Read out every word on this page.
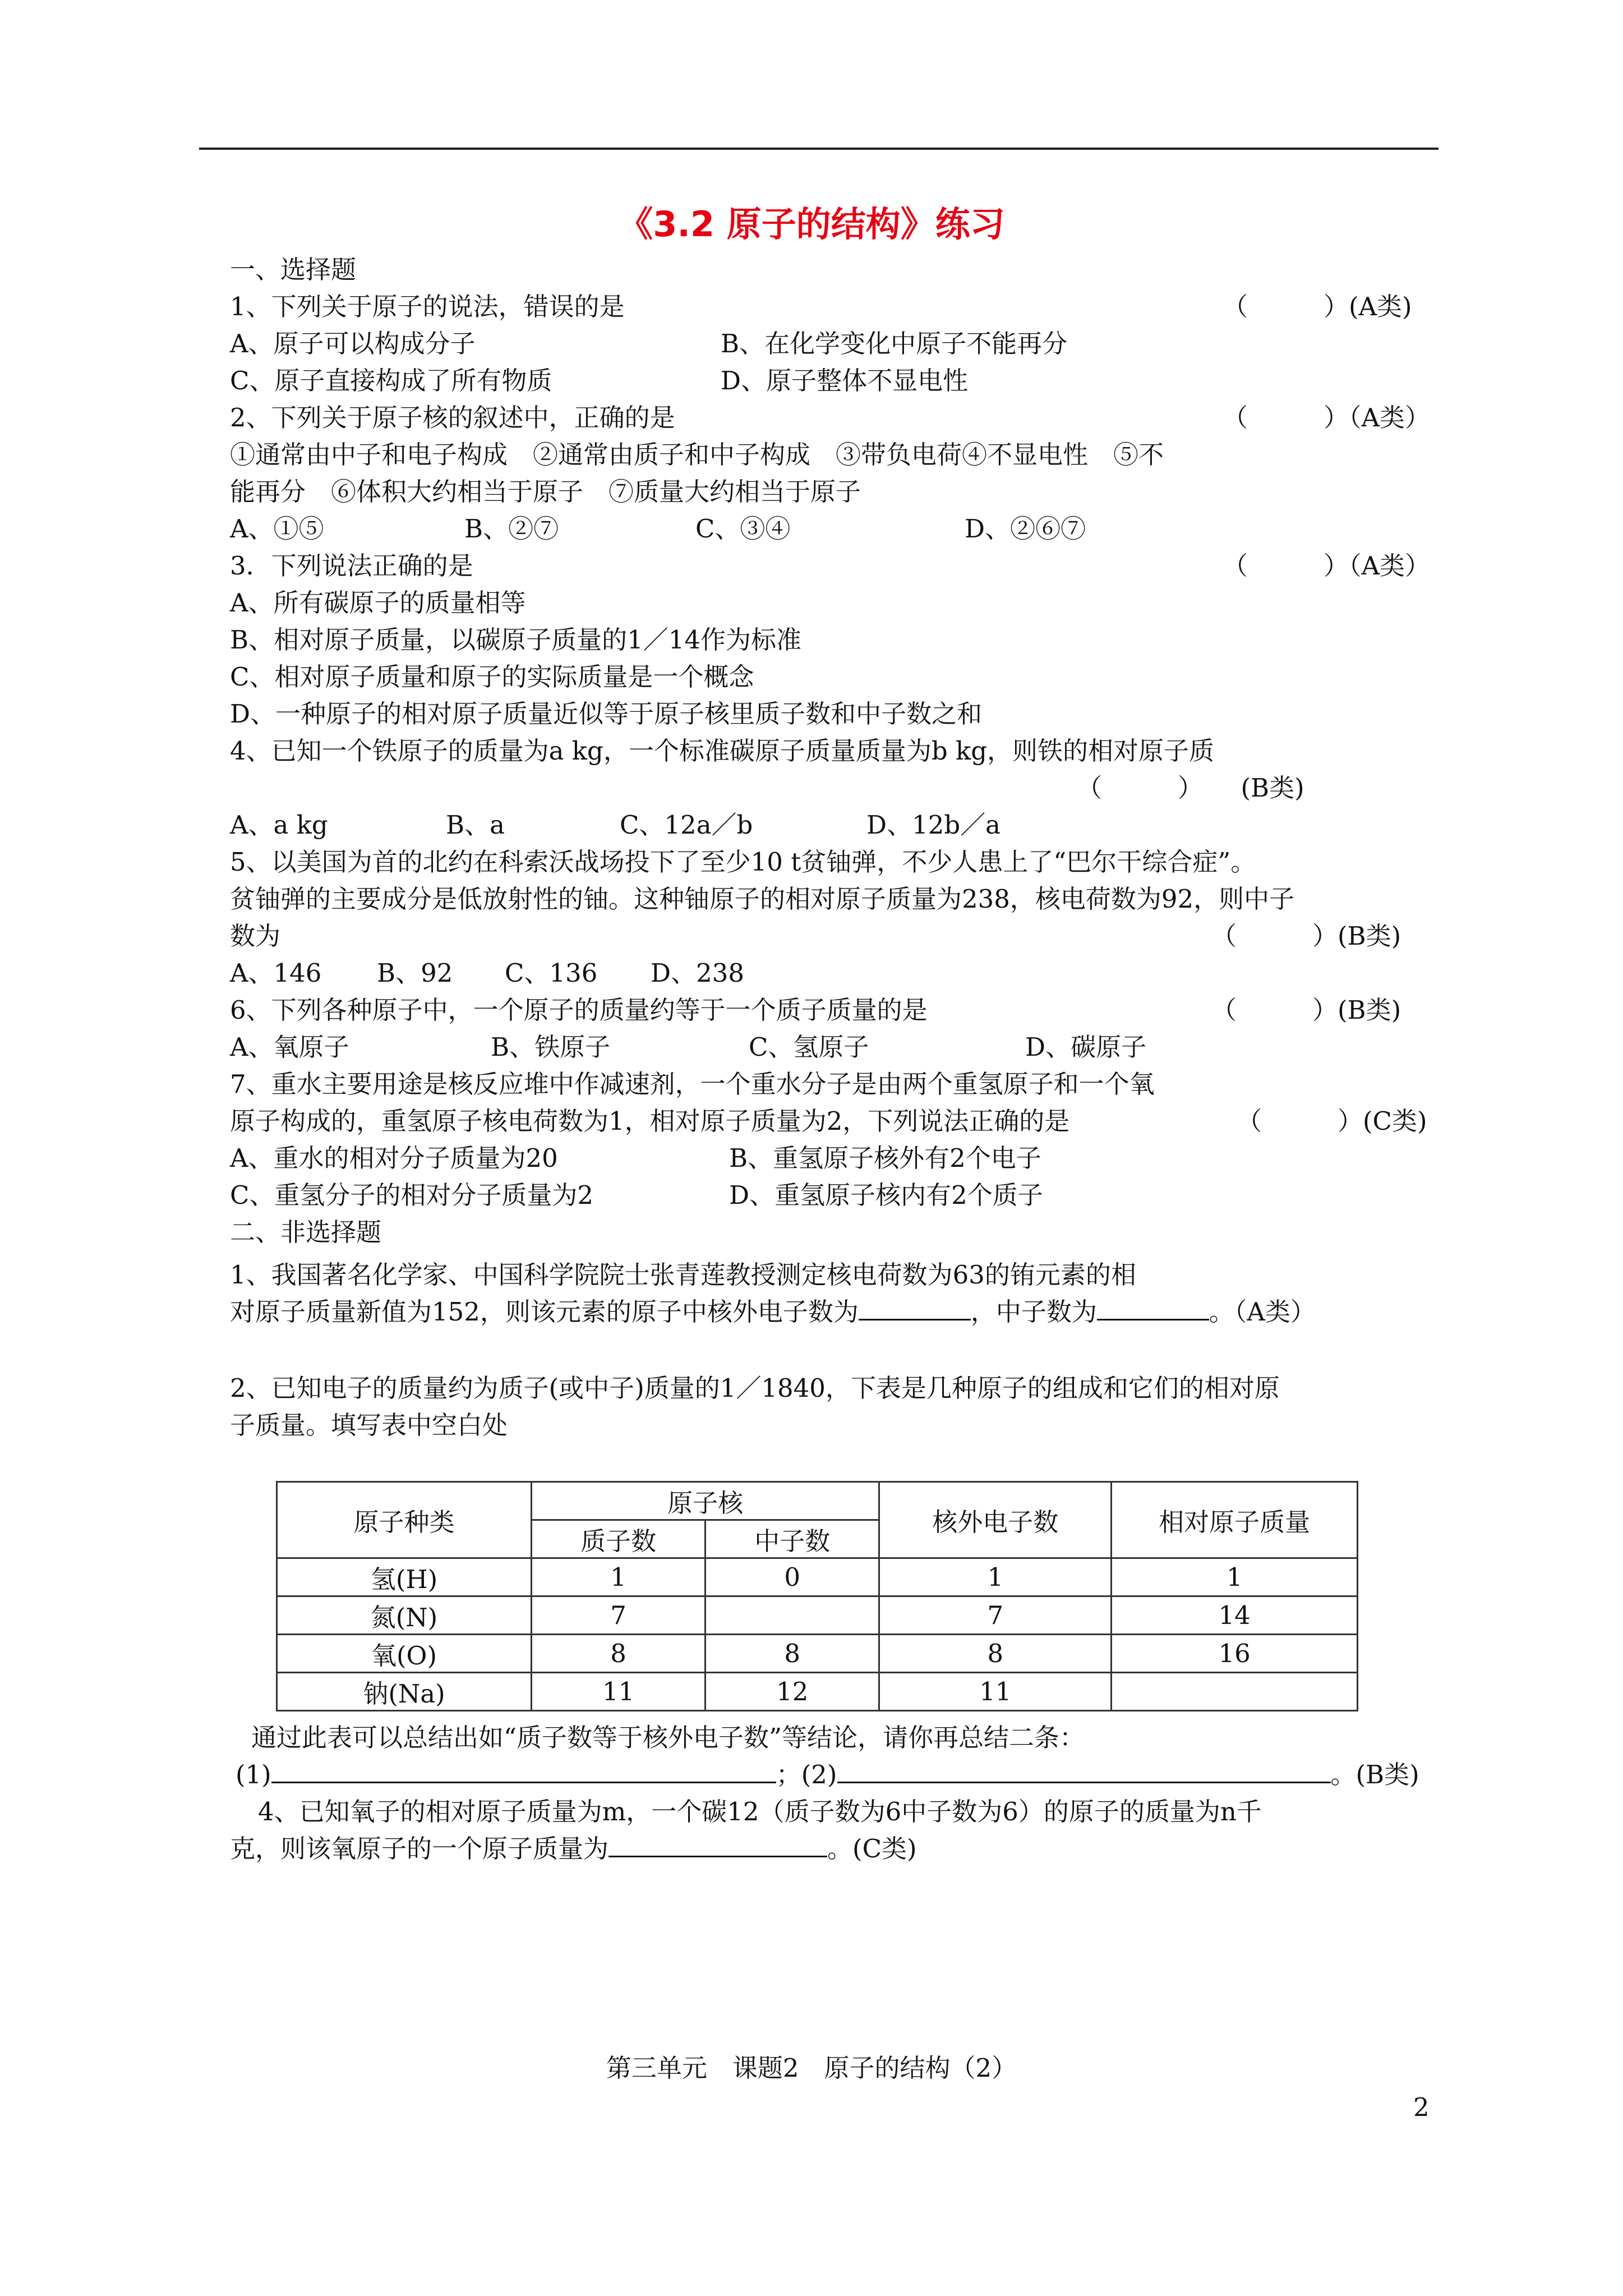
《3.2 原子的结构》练习
一、选择题
1、下列关于原子的说法，错误的是	（　　　）(A类)
A、原子可以构成分子	B、在化学变化中原子不能再分
C、原子直接构成了所有物质	D、原子整体不显电性
2、下列关于原子核的叙述中，正确的是	（　　　）（A类）
①通常由中子和电子构成　②通常由质子和中子构成　③带负电荷④不显电性　⑤不
能再分　⑥体积大约相当于原子　⑦质量大约相当于原子
A、①⑤	B、②⑦	C、③④	D、②⑥⑦
3．下列说法正确的是	（　　　）（A类）
A、所有碳原子的质量相等
B、相对原子质量，以碳原子质量的1／14作为标准
C、相对原子质量和原子的实际质量是一个概念
D、一种原子的相对原子质量近似等于原子核里质子数和中子数之和
4、已知一个铁原子的质量为a kg，一个标准碳原子质量质量为b kg，则铁的相对原子质
（　　　）　　(B类)
A、a kg	B、a	C、12a／b	D、12b／a
5、以美国为首的北约在科索沃战场投下了至少10 t贫铀弹，不少人患上了“巴尔干综合症”。
贫铀弹的主要成分是低放射性的铀。这种铀原子的相对原子质量为238，核电荷数为92，则中子
数为	（　　　）(B类)
A、146 B、92 C、136 D、238
6、下列各种原子中，一个原子的质量约等于一个质子质量的是	（　　　）(B类)
A、氧原子	B、铁原子	C、氢原子	D、碳原子
7、重水主要用途是核反应堆中作减速剂，一个重水分子是由两个重氢原子和一个氧
原子构成的，重氢原子核电荷数为1，相对原子质量为2，下列说法正确的是	（　　　）(C类)
A、重水的相对分子质量为20	B、重氢原子核外有2个电子
C、重氢分子的相对分子质量为2	D、重氢原子核内有2个质子
二、非选择题
1、我国著名化学家、中国科学院院士张青莲教授测定核电荷数为63的铕元素的相
对原子质量新值为152，则该元素的原子中核外电子数为	，中子数为	。（A类）
2、已知电子的质量约为质子(或中子)质量的1／1840，下表是几种原子的组成和它们的相对原
子质量。填写表中空白处
原子种类	原子核		核外电子数	相对原子质量
	质子数	中子数		
氢(H)	1	0	1	1
氮(N)	7		7	14
氧(O)	8	8	8	16
钠(Na)	11	12	11	
通过此表可以总结出如“质子数等于核外电子数”等结论，请你再总结二条：
(1)	；(2)	。(B类)
4、已知氧子的相对原子质量为m，一个碳12（质子数为6中子数为6）的原子的质量为n千
克，则该氧原子的一个原子质量为	。(C类)
第三单元　课题2　原子的结构（2）
2
